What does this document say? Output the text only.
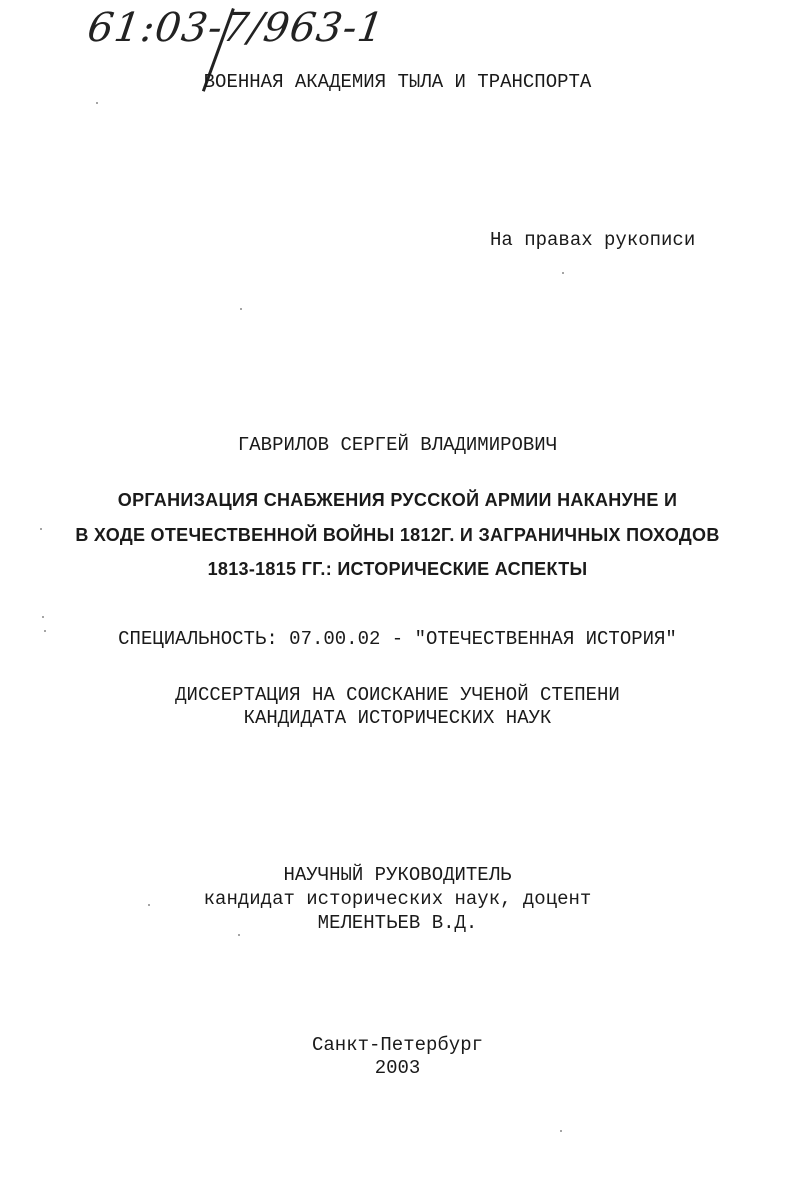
61:03-7/963-1
ВОЕННАЯ АКАДЕМИЯ ТЫЛА И ТРАНСПОРТА
На правах рукописи
ГАВРИЛОВ СЕРГЕЙ ВЛАДИМИРОВИЧ
ОРГАНИЗАЦИЯ СНАБЖЕНИЯ РУССКОЙ АРМИИ НАКАНУНЕ И
В ХОДЕ ОТЕЧЕСТВЕННОЙ ВОЙНЫ 1812Г. И ЗАГРАНИЧНЫХ ПОХОДОВ
1813-1815 ГГ.: ИСТОРИЧЕСКИЕ АСПЕКТЫ
СПЕЦИАЛЬНОСТЬ: 07.00.02 - "ОТЕЧЕСТВЕННАЯ ИСТОРИЯ"
ДИССЕРТАЦИЯ НА СОИСКАНИЕ УЧЕНОЙ СТЕПЕНИ
КАНДИДАТА ИСТОРИЧЕСКИХ НАУК
НАУЧНЫЙ РУКОВОДИТЕЛЬ
кандидат исторических наук, доцент
МЕЛЕНТЬЕВ В.Д.
Санкт-Петербург
2003
